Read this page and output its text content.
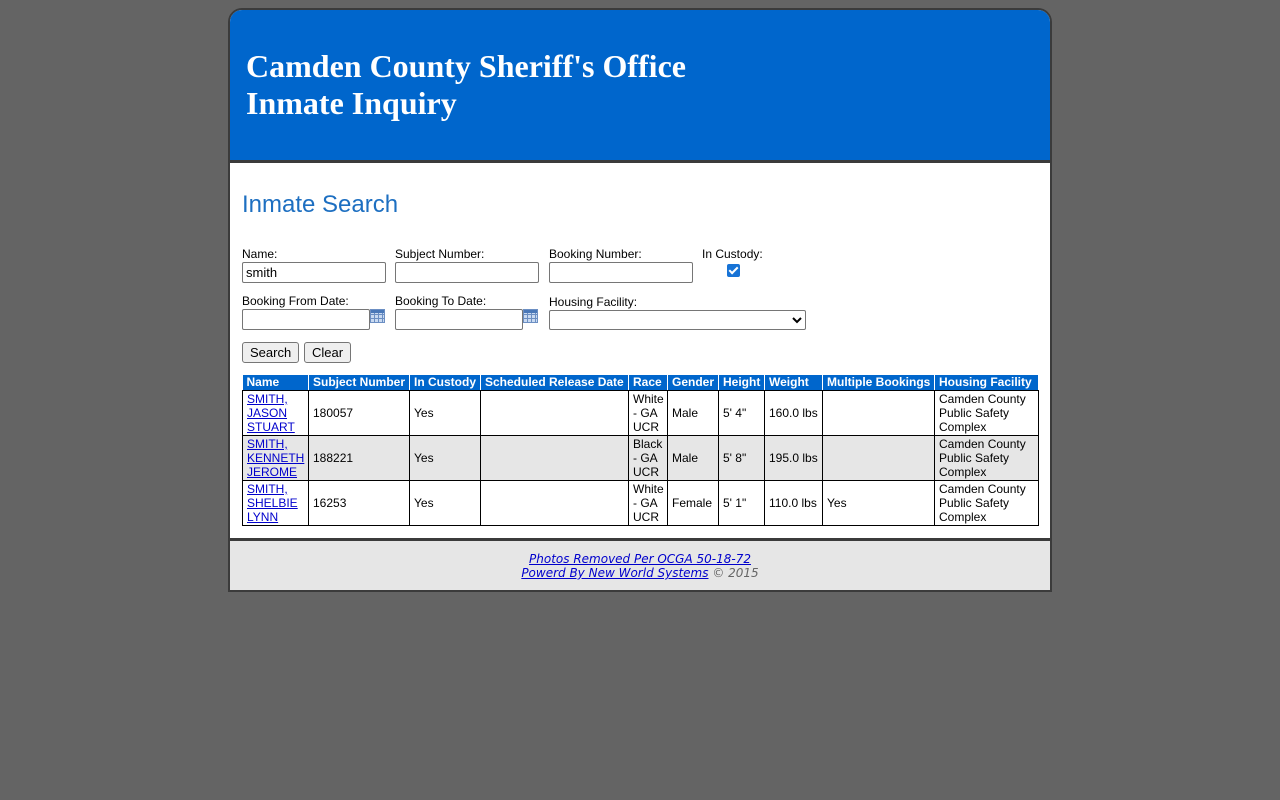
Camden County Sheriff's Office
Inmate Inquiry
Inmate Search
Name:
smith	Subject Number:	Booking Number:	In Custody:
Booking From Date:	Booking To Date:	Housing Facility:
Search	Clear
Name	Subject Number	In Custody	Scheduled Release Date	Race	Gender	Height	Weight	Multiple Bookings	Housing Facility
SMITH,
JASON
STUART	180057	Yes		White
- GA
UCR	Male	5' 4"	160.0 lbs		Camden County
Public Safety
Complex
SMITH,
KENNETH
JEROME	188221	Yes		Black
- GA
UCR	Male	5' 8"	195.0 lbs		Camden County
Public Safety
Complex
SMITH,
SHELBIE
LYNN	16253	Yes		White
- GA
UCR	Female	5' 1"	110.0 lbs	Yes	Camden County
Public Safety
Complex
Photos Removed Per OCGA 50-18-72
Powerd By New World Systems © 2015
